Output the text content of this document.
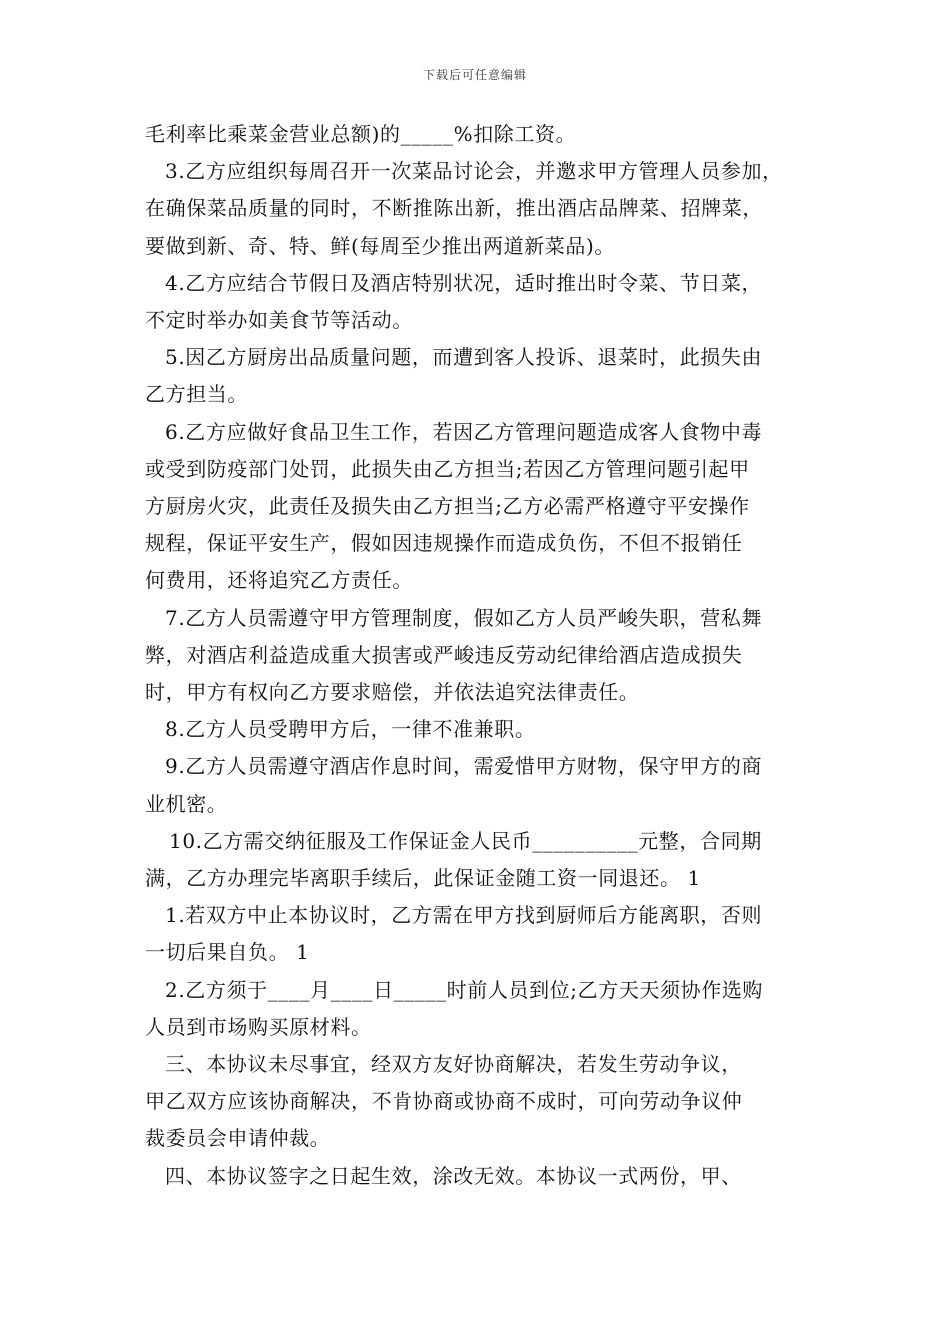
下载后可任意编辑
毛利率比乘菜金营业总额)的_____%扣除工资。
3.乙方应组织每周召开一次菜品讨论会，并邀求甲方管理人员参加，
在确保菜品质量的同时，不断推陈出新，推出酒店品牌菜、招牌菜，
要做到新、奇、特、鲜(每周至少推出两道新菜品)。
4.乙方应结合节假日及酒店特别状况，适时推出时令菜、节日菜，
不定时举办如美食节等活动。
5.因乙方厨房出品质量问题，而遭到客人投诉、退菜时，此损失由
乙方担当。
6.乙方应做好食品卫生工作，若因乙方管理问题造成客人食物中毒
或受到防疫部门处罚，此损失由乙方担当;若因乙方管理问题引起甲
方厨房火灾，此责任及损失由乙方担当;乙方必需严格遵守平安操作
规程，保证平安生产，假如因违规操作而造成负伤，不但不报销任
何费用，还将追究乙方责任。
7.乙方人员需遵守甲方管理制度，假如乙方人员严峻失职，营私舞
弊，对酒店利益造成重大损害或严峻违反劳动纪律给酒店造成损失
时，甲方有权向乙方要求赔偿，并依法追究法律责任。
8.乙方人员受聘甲方后，一律不准兼职。
9.乙方人员需遵守酒店作息时间，需爱惜甲方财物，保守甲方的商
业机密。
10.乙方需交纳征服及工作保证金人民币__________元整，合同期
满，乙方办理完毕离职手续后，此保证金随工资一同退还。 1
1.若双方中止本协议时，乙方需在甲方找到厨师后方能离职，否则
一切后果自负。 1
2.乙方须于____月____日_____时前人员到位;乙方天天须协作选购
人员到市场购买原材料。
三、本协议未尽事宜，经双方友好协商解决，若发生劳动争议，
甲乙双方应该协商解决，不肯协商或协商不成时，可向劳动争议仲
裁委员会申请仲裁。
四、本协议签字之日起生效，涂改无效。本协议一式两份，甲、
